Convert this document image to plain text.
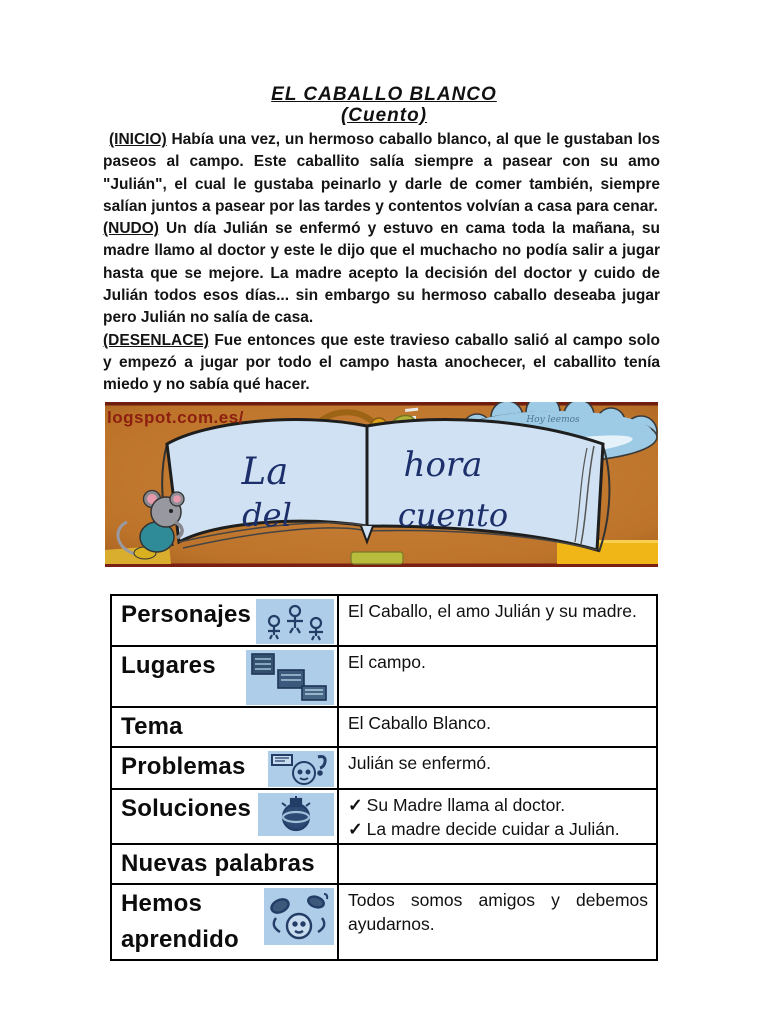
EL CABALLO BLANCO
(Cuento)

(INICIO) Había una vez, un hermoso caballo blanco, al que le gustaban los paseos al campo. Este caballito salía siempre a pasear con su amo "Julián", el cual le gustaba peinarlo y darle de comer también, siempre salían juntos a pasear por las tardes y contentos volvían a casa para cenar.

(NUDO) Un día Julián se enfermó y estuvo en cama toda la mañana, su madre llamo al doctor y este le dijo que el muchacho no podía salir a jugar hasta que se mejore. La madre acepto la decisión del doctor y cuido de Julián todos esos días... sin embargo su hermoso caballo deseaba jugar pero Julián no salía de casa.

(DESENLACE) Fue entonces que este travieso caballo salió al campo solo y empezó a jugar por todo el campo hasta anochecer, el caballito tenía miedo y no sabía qué hacer.

Hoy leemos
La	hora
del	cuento
logspot.com.es/
Personajes	El Caballo, el amo Julián y su madre.

Lugares	El campo.

Tema	El Caballo Blanco.

Problemas	Julián se enfermó.

Soluciones	✓ Su Madre llama al doctor.
✓ La madre decide cuidar a Julián.

Nuevas palabras	

Hemos aprendido	Todos somos amigos y debemos ayudarnos.
